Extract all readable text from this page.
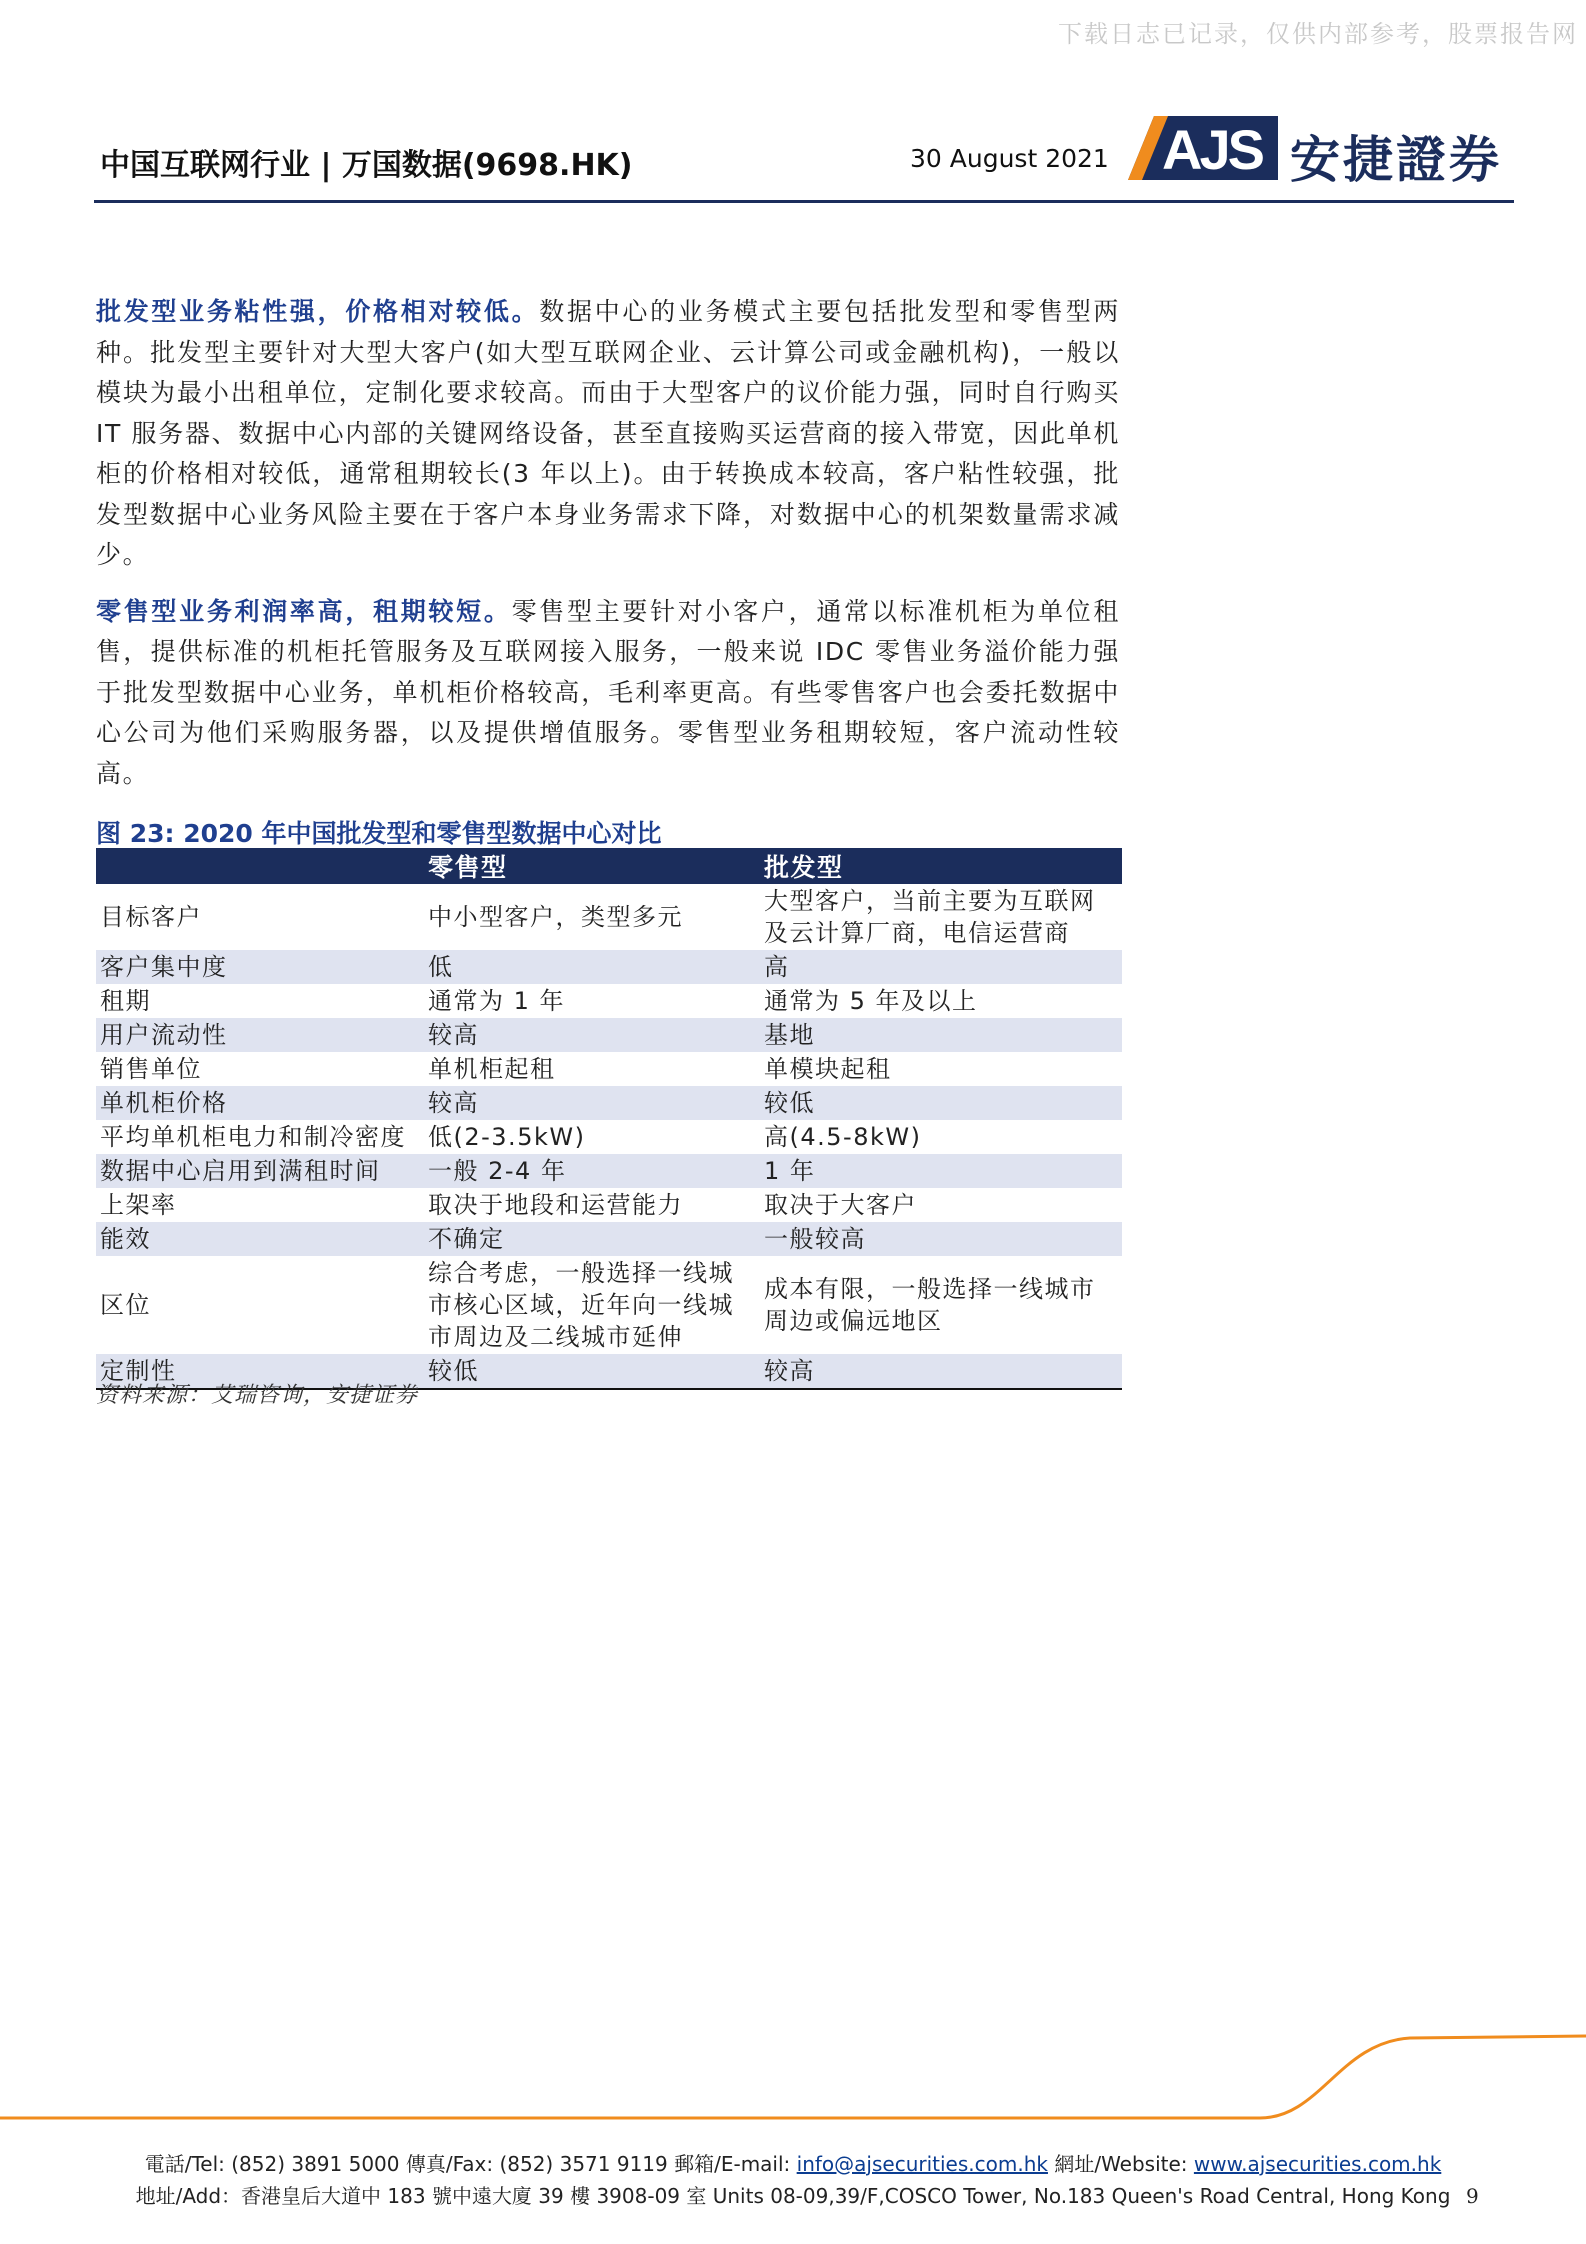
下载日志已记录，仅供内部参考，股票报告网
中国互联网行业 | 万国数据(9698.HK)	30 August 2021 AJS 安捷證券

批发型业务粘性强，价格相对较低。数据中心的业务模式主要包括批发型和零售型两种。批发型主要针对大型大客户(如大型互联网企业、云计算公司或金融机构)，一般以模块为最小出租单位，定制化要求较高。而由于大型客户的议价能力强，同时自行购买 IT 服务器、数据中心内部的关键网络设备，甚至直接购买运营商的接入带宽，因此单机柜的价格相对较低，通常租期较长(3 年以上)。由于转换成本较高，客户粘性较强，批发型数据中心业务风险主要在于客户本身业务需求下降，对数据中心的机架数量需求减少。

零售型业务利润率高，租期较短。零售型主要针对小客户，通常以标准机柜为单位租售，提供标准的机柜托管服务及互联网接入服务，一般来说 IDC 零售业务溢价能力强于批发型数据中心业务，单机柜价格较高，毛利率更高。有些零售客户也会委托数据中心公司为他们采购服务器，以及提供增值服务。零售型业务租期较短，客户流动性较高。

图 23: 2020 年中国批发型和零售型数据中心对比
	零售型	批发型
目标客户	中小型客户，类型多元	大型客户，当前主要为互联网及云计算厂商，电信运营商
客户集中度	低	高
租期	通常为 1 年	通常为 5 年及以上
用户流动性	较高	基地
销售单位	单机柜起租	单模块起租
单机柜价格	较高	较低
平均单机柜电力和制冷密度	低(2-3.5kW)	高(4.5-8kW)
数据中心启用到满租时间	一般 2-4 年	1 年
上架率	取决于地段和运营能力	取决于大客户
能效	不确定	一般较高
区位	综合考虑，一般选择一线城市核心区域，近年向一线城市周边及二线城市延伸	成本有限，一般选择一线城市周边或偏远地区
定制性	较低	较高
资料来源：艾瑞咨询，安捷证券
電話/Tel: (852) 3891 5000 傳真/Fax: (852) 3571 9119 郵箱/E-mail: info@ajsecurities.com.hk 網址/Website: www.ajsecurities.com.hk
地址/Add：香港皇后大道中 183 號中遠大廈 39 樓 3908-09 室 Units 08-09,39/F,COSCO Tower, No.183 Queen's Road Central, Hong Kong 9
